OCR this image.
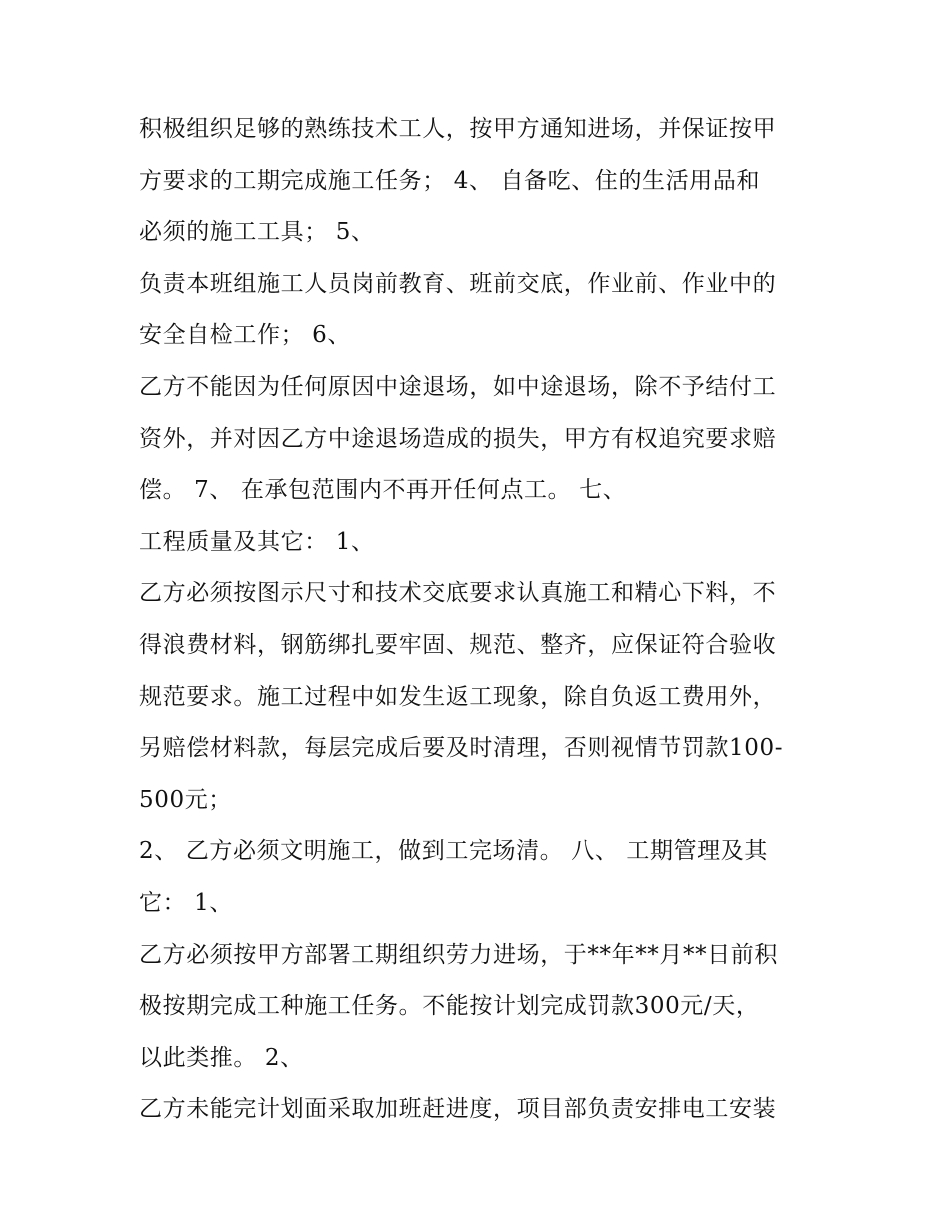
积极组织足够的熟练技术工人，按甲方通知进场，并保证按甲
方要求的工期完成施工任务； 4、 自备吃、住的生活用品和
必须的施工工具； 5、
负责本班组施工人员岗前教育、班前交底，作业前、作业中的
安全自检工作； 6、
乙方不能因为任何原因中途退场，如中途退场，除不予结付工
资外，并对因乙方中途退场造成的损失，甲方有权追究要求赔
偿。 7、 在承包范围内不再开任何点工。 七、
工程质量及其它： 1、
乙方必须按图示尺寸和技术交底要求认真施工和精心下料，不
得浪费材料，钢筋绑扎要牢固、规范、整齐，应保证符合验收
规范要求。施工过程中如发生返工现象，除自负返工费用外，
另赔偿材料款，每层完成后要及时清理，否则视情节罚款100-
500元；
2、 乙方必须文明施工，做到工完场清。 八、 工期管理及其
它： 1、
乙方必须按甲方部署工期组织劳力进场，于**年**月**日前积
极按期完成工种施工任务。不能按计划完成罚款300元/天，
以此类推。 2、
乙方未能完计划面采取加班赶进度，项目部负责安排电工安装
